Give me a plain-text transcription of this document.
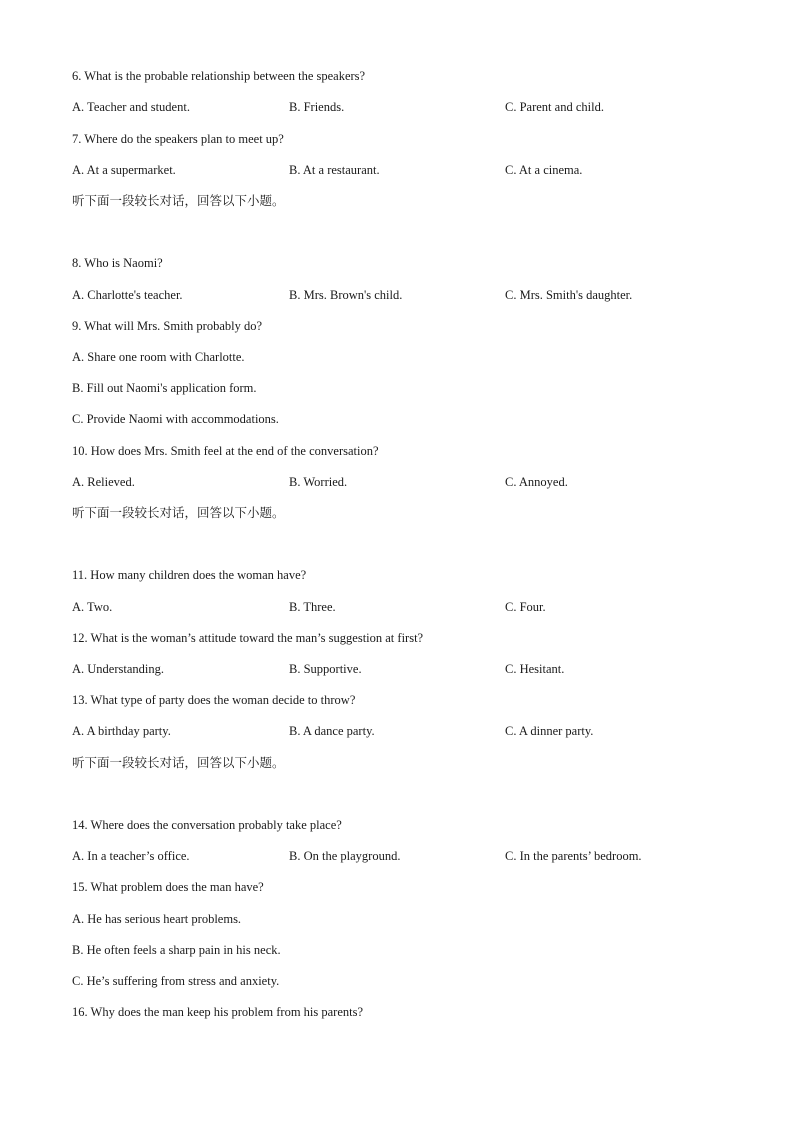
6. What is the probable relationship between the speakers?
A. Teacher and student.	B. Friends.	C. Parent and child.
7. Where do the speakers plan to meet up?
A. At a supermarket.	B. At a restaurant.	C. At a cinema.
听下面一段较长对话，回答以下小题。
8. Who is Naomi?
A. Charlotte's teacher.	B. Mrs. Brown's child.	C. Mrs. Smith's daughter.
9. What will Mrs. Smith probably do?
A. Share one room with Charlotte.
B. Fill out Naomi's application form.
C. Provide Naomi with accommodations.
10. How does Mrs. Smith feel at the end of the conversation?
A. Relieved.	B. Worried.	C. Annoyed.
听下面一段较长对话，回答以下小题。
11. How many children does the woman have?
A. Two.	B. Three.	C. Four.
12. What is the woman’s attitude toward the man’s suggestion at first?
A. Understanding.	B. Supportive.	C. Hesitant.
13. What type of party does the woman decide to throw?
A. A birthday party.	B. A dance party.	C. A dinner party.
听下面一段较长对话，回答以下小题。
14. Where does the conversation probably take place?
A. In a teacher’s office.	B. On the playground.	C. In the parents’ bedroom.
15. What problem does the man have?
A. He has serious heart problems.
B. He often feels a sharp pain in his neck.
C. He’s suffering from stress and anxiety.
16. Why does the man keep his problem from his parents?
